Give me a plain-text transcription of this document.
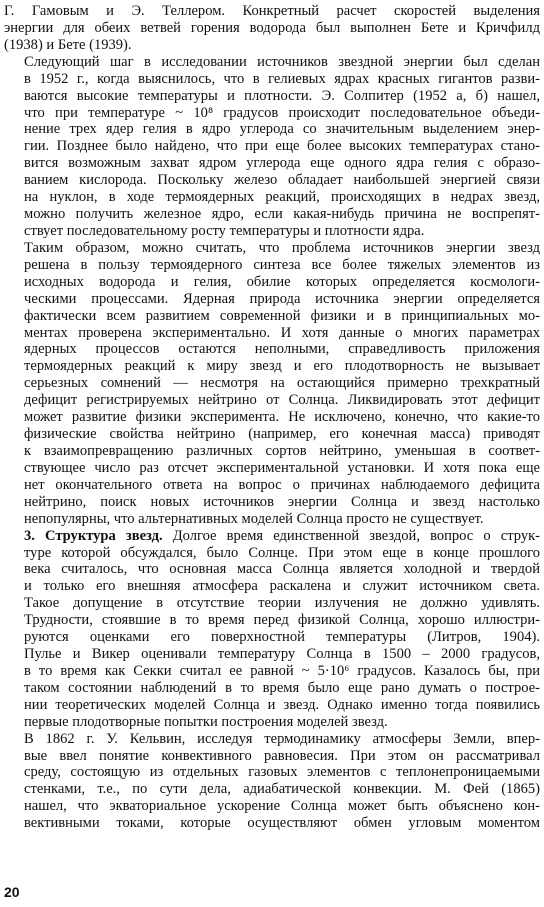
Г. Гамовым и Э. Теллером. Конкретный расчет скоростей выделения
энергии для обеих ветвей горения водорода был выполнен Бете и Кричфилд
(1938) и Бете (1939).

Следующий шаг в исследовании источников звездной энергии был сделан
в 1952 г., когда выяснилось, что в гелиевых ядрах красных гигантов разви-
ваются высокие температуры и плотности. Э. Солпитер (1952 а, б) нашел,
что при температуре ~ 10⁸ градусов происходит последовательное объеди-
нение трех ядер гелия в ядро углерода со значительным выделением энер-
гии. Позднее было найдено, что при еще более высоких температурах стано-
вится возможным захват ядром углерода еще одного ядра гелия с образо-
ванием кислорода. Поскольку железо обладает наибольшей энергией связи
на нуклон, в ходе термоядерных реакций, происходящих в недрах звезд,
можно получить железное ядро, если какая-нибудь причина не воспрепят-
ствует последовательному росту температуры и плотности ядра.

Таким образом, можно считать, что проблема источников энергии звезд
решена в пользу термоядерного синтеза все более тяжелых элементов из
исходных водорода и гелия, обилие которых определяется космологи-
ческими процессами. Ядерная природа источника энергии определяется
фактически всем развитием современной физики и в принципиальных мо-
ментах проверена экспериментально. И хотя данные о многих параметрах
ядерных процессов остаются неполными, справедливость приложения
термоядерных реакций к миру звезд и его плодотворность не вызывает
серьезных сомнений — несмотря на остающийся примерно трехкратный
дефицит регистрируемых нейтрино от Солнца. Ликвидировать этот дефицит
может развитие физики эксперимента. Не исключено, конечно, что какие-то
физические свойства нейтрино (например, его конечная масса) приводят
к взаимопревращению различных сортов нейтрино, уменьшая в соответ-
ствующее число раз отсчет экспериментальной установки. И хотя пока еще
нет окончательного ответа на вопрос о причинах наблюдаемого дефицита
нейтрино, поиск новых источников энергии Солнца и звезд настолько
непопулярны, что альтернативных моделей Солнца просто не существует.

3. Структура звезд. Долгое время единственной звездой, вопрос о струк-
туре которой обсуждался, было Солнце. При этом еще в конце прошлого
века считалось, что основная масса Солнца является холодной и твердой
и только его внешняя атмосфера раскалена и служит источником света.
Такое допущение в отсутствие теории излучения не должно удивлять.
Трудности, стоявшие в то время перед физикой Солнца, хорошо иллюстри-
руются оценками его поверхностной температуры (Литров, 1904).
Пулье и Викер оценивали температуру Солнца в 1500 – 2000 градусов,
в то время как Секки считал ее равной ~ 5·10⁶ градусов. Казалось бы, при
таком состоянии наблюдений в то время было еще рано думать о построе-
нии теоретических моделей Солнца и звезд. Однако именно тогда появились
первые плодотворные попытки построения моделей звезд.

В 1862 г. У. Кельвин, исследуя термодинамику атмосферы Земли, впер-
вые ввел понятие конвективного равновесия. При этом он рассматривал
среду, состоящую из отдельных газовых элементов с теплонепроницаемыми
стенками, т.е., по сути дела, адиабатической конвекции. М. Фей (1865)
нашел, что экваториальное ускорение Солнца может быть объяснено кон-
вективными токами, которые осуществляют обмен угловым моментом

20
